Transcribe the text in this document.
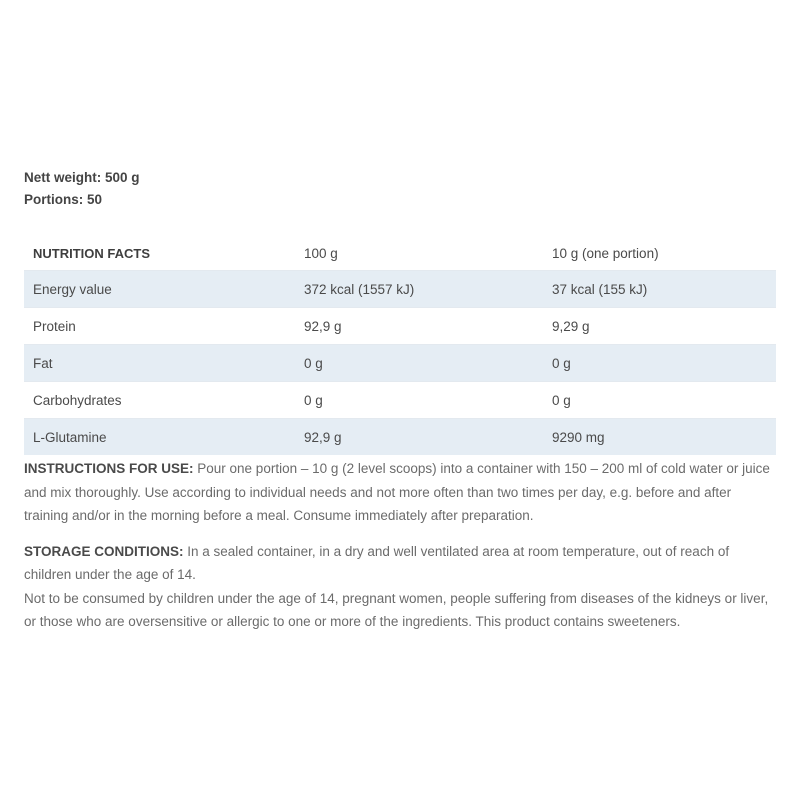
Nett weight: 500 g
Portions: 50
NUTRITION FACTS	100 g	10 g (one portion)
Energy value	372 kcal (1557 kJ)	37 kcal (155 kJ)
Protein	92,9 g	9,29 g
Fat	0 g	0 g
Carbohydrates	0 g	0 g
L-Glutamine	92,9 g	9290 mg

INSTRUCTIONS FOR USE: Pour one portion – 10 g (2 level scoops) into a container with 150 – 200 ml of cold water or juice and mix thoroughly. Use according to individual needs and not more often than two times per day, e.g. before and after training and/or in the morning before a meal. Consume immediately after preparation.

STORAGE CONDITIONS: In a sealed container, in a dry and well ventilated area at room temperature, out of reach of children under the age of 14.

Not to be consumed by children under the age of 14, pregnant women, people suffering from diseases of the kidneys or liver, or those who are oversensitive or allergic to one or more of the ingredients. This product contains sweeteners.
